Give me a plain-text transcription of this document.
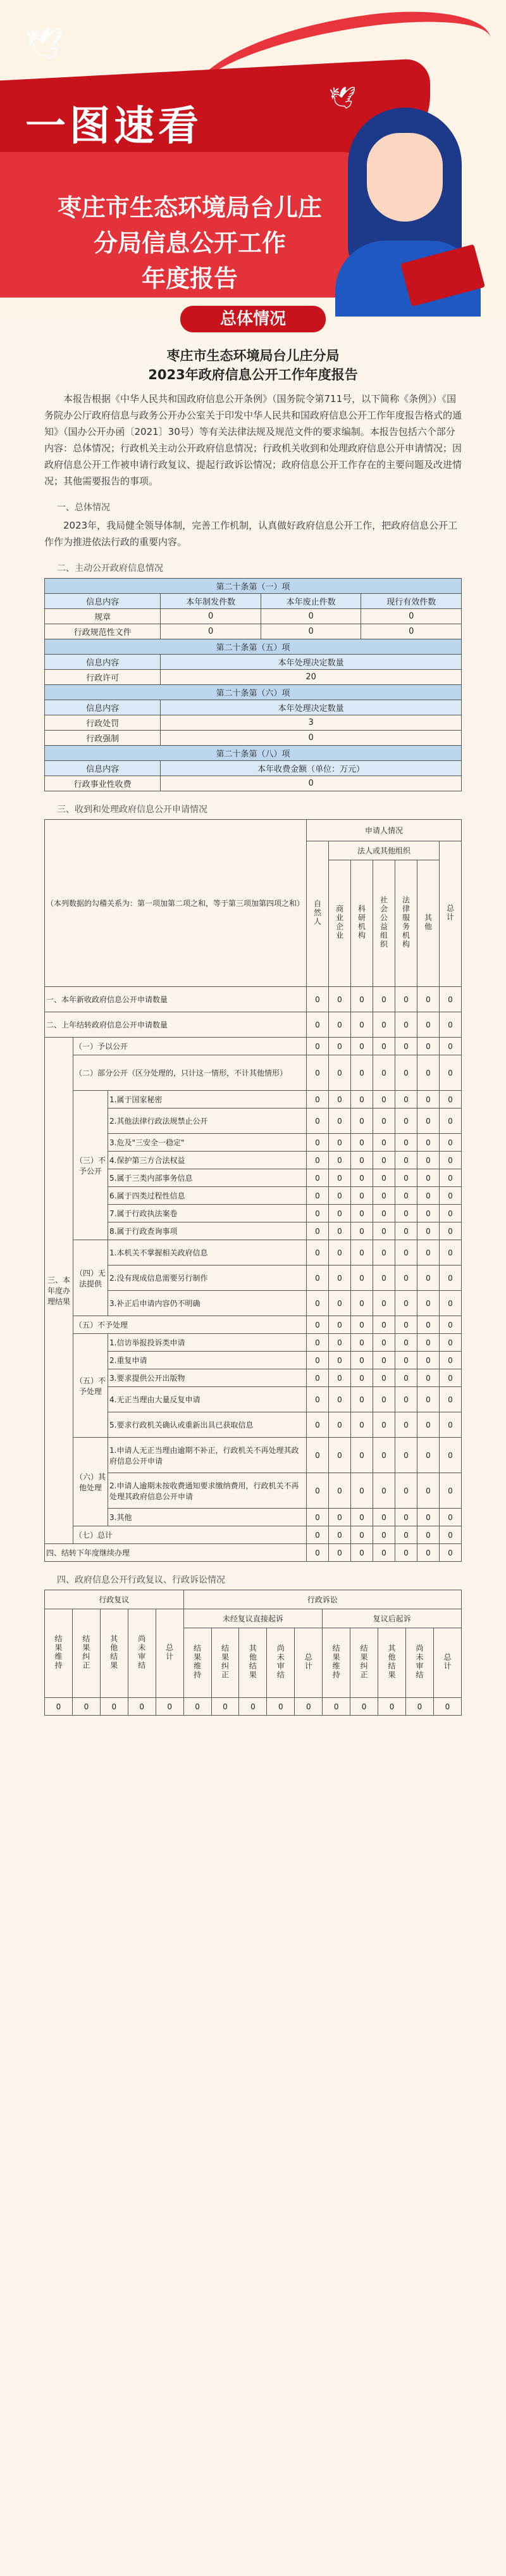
🕊
🕊
一图速看
枣庄市生态环境局台儿庄
分局信息公开工作
年度报告
总体情况
枣庄市生态环境局台儿庄分局
2023年政府信息公开工作年度报告

本报告根据《中华人民共和国政府信息公开条例》（国务院令第711号，以下简称《条例》）《国务院办公厅政府信息与政务公开办公室关于印发中华人民共和国政府信息公开工作年度报告格式的通知》（国办公开办函〔2021〕30号）等有关法律法规及规范文件的要求编制。本报告包括六个部分内容：总体情况；行政机关主动公开政府信息情况；行政机关收到和处理政府信息公开申请情况；因政府信息公开工作被申请行政复议、提起行政诉讼情况；政府信息公开工作存在的主要问题及改进情况；其他需要报告的事项。

一、总体情况

2023年，我局健全领导体制，完善工作机制，认真做好政府信息公开工作，把政府信息公开工作作为推进依法行政的重要内容。

二、主动公开政府信息情况
第二十条第（一）项			
信息内容	本年制发件数	本年废止件数	现行有效件数
规章	0	0	0
行政规范性文件	0	0	0
第二十条第（五）项			
信息内容	本年处理决定数量		
行政许可	20		
第二十条第（六）项			
信息内容	本年处理决定数量		
行政处罚	3		
行政强制	0		
第二十条第（八）项			
信息内容	本年收费金额（单位：万元）		
行政事业性收费	0		
三、收到和处理政府信息公开申请情况
（本列数据的勾稽关系为：第一项加第二项之和，等于第三项加第四项之和）			申请人情况						
			自然人	法人或其他组织					总计
				商业企业	科研机构	社会公益组织	法律服务机构	其他	
一、本年新收政府信息公开申请数量			0	0	0	0	0	0	0
二、上年结转政府信息公开申请数量			0	0	0	0	0	0	0
三、本年度办理结果	（一）予以公开		0	0	0	0	0	0	0
	（二）部分公开（区分处理的，只计这一情形，不计其他情形）		0	0	0	0	0	0	0
	（三）不予公开	1.属于国家秘密	0	0	0	0	0	0	0
		2.其他法律行政法规禁止公开	0	0	0	0	0	0	0
		3.危及"三安全一稳定"	0	0	0	0	0	0	0
		4.保护第三方合法权益	0	0	0	0	0	0	0
		5.属于三类内部事务信息	0	0	0	0	0	0	0
		6.属于四类过程性信息	0	0	0	0	0	0	0
		7.属于行政执法案卷	0	0	0	0	0	0	0
		8.属于行政查询事项	0	0	0	0	0	0	0
	（四）无法提供	1.本机关不掌握相关政府信息	0	0	0	0	0	0	0
		2.没有现成信息需要另行制作	0	0	0	0	0	0	0
		3.补正后申请内容仍不明确	0	0	0	0	0	0	0
	（五）不予处理		0	0	0	0	0	0	0
	（五）不予处理	1.信访举报投诉类申请	0	0	0	0	0	0	0
		2.重复申请	0	0	0	0	0	0	0
		3.要求提供公开出版物	0	0	0	0	0	0	0
		4.无正当理由大量反复申请	0	0	0	0	0	0	0
		5.要求行政机关确认或重新出具已获取信息	0	0	0	0	0	0	0
	（六）其他处理	1.申请人无正当理由逾期不补正，行政机关不再处理其政府信息公开申请	0	0	0	0	0	0	0
		2.申请人逾期未按收费通知要求缴纳费用，行政机关不再处理其政府信息公开申请	0	0	0	0	0	0	0
		3.其他	0	0	0	0	0	0	0
	（七）总计		0	0	0	0	0	0	0
四、结转下年度继续办理			0	0	0	0	0	0	0
四、政府信息公开行政复议、行政诉讼情况
行政复议					行政诉讼									
结果维持	结果纠正	其他结果	尚未审结	总计	未经复议直接起诉					复议后起诉				
					结果维持	结果纠正	其他结果	尚未审结	总计	结果维持	结果纠正	其他结果	尚未审结	总计
0	0	0	0	0	0	0	0	0	0	0	0	0	0	0
